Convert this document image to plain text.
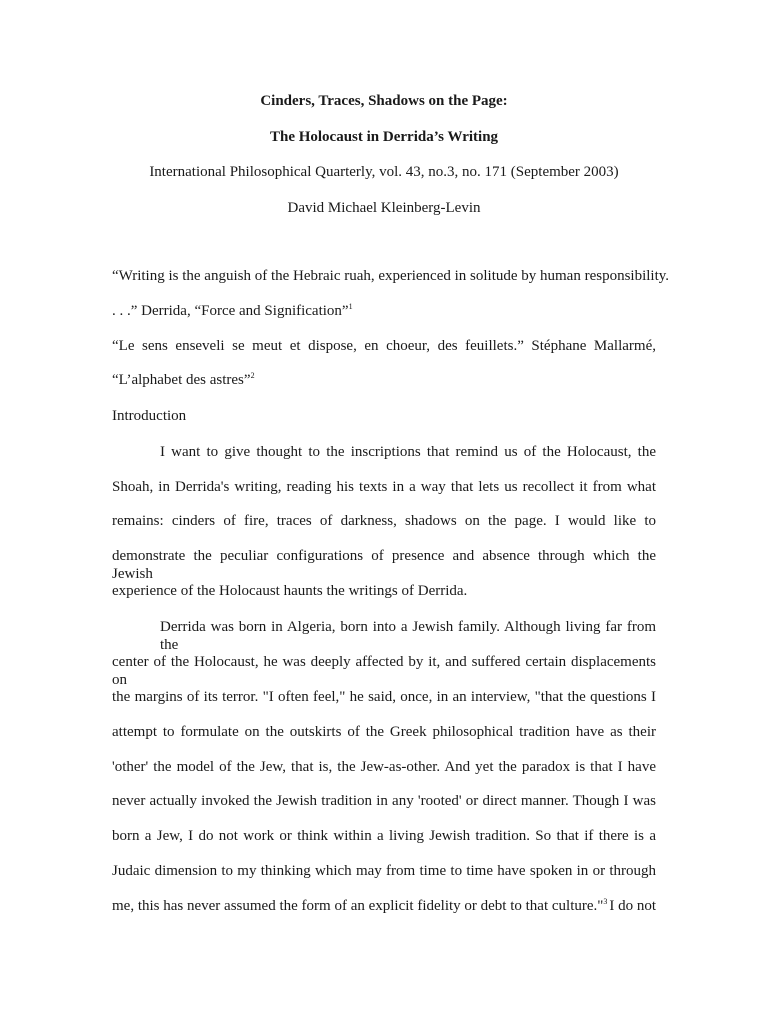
Cinders, Traces, Shadows on the Page:
The Holocaust in Derrida’s Writing
International Philosophical Quarterly, vol. 43, no.3, no. 171 (September 2003)
David Michael Kleinberg-Levin
“Writing is the anguish of the Hebraic ruah, experienced in solitude by human responsibility.
. . .” Derrida, “Force and Signification”$^1$
“Le sens enseveli se meut et dispose, en choeur, des feuillets.” Stéphane Mallarmé,
“L’alphabet des astres”$^2$
Introduction
I want to give thought to the inscriptions that remind us of the Holocaust, the
Shoah, in Derrida's writing, reading his texts in a way that lets us recollect it from what
remains: cinders of fire, traces of darkness, shadows on the page. I would like to
demonstrate the peculiar configurations of presence and absence through which the Jewish
experience of the Holocaust haunts the writings of Derrida.
Derrida was born in Algeria, born into a Jewish family. Although living far from the
center of the Holocaust, he was deeply affected by it, and suffered certain displacements on
the margins of its terror. "I often feel," he said, once, in an interview, "that the questions I
attempt to formulate on the outskirts of the Greek philosophical tradition have as their
'other' the model of the Jew, that is, the Jew-as-other. And yet the paradox is that I have
never actually invoked the Jewish tradition in any 'rooted' or direct manner. Though I was
born a Jew, I do not work or think within a living Jewish tradition. So that if there is a
Judaic dimension to my thinking which may from time to time have spoken in or through
me, this has never assumed the form of an explicit fidelity or debt to that culture."$^3$ I do not
